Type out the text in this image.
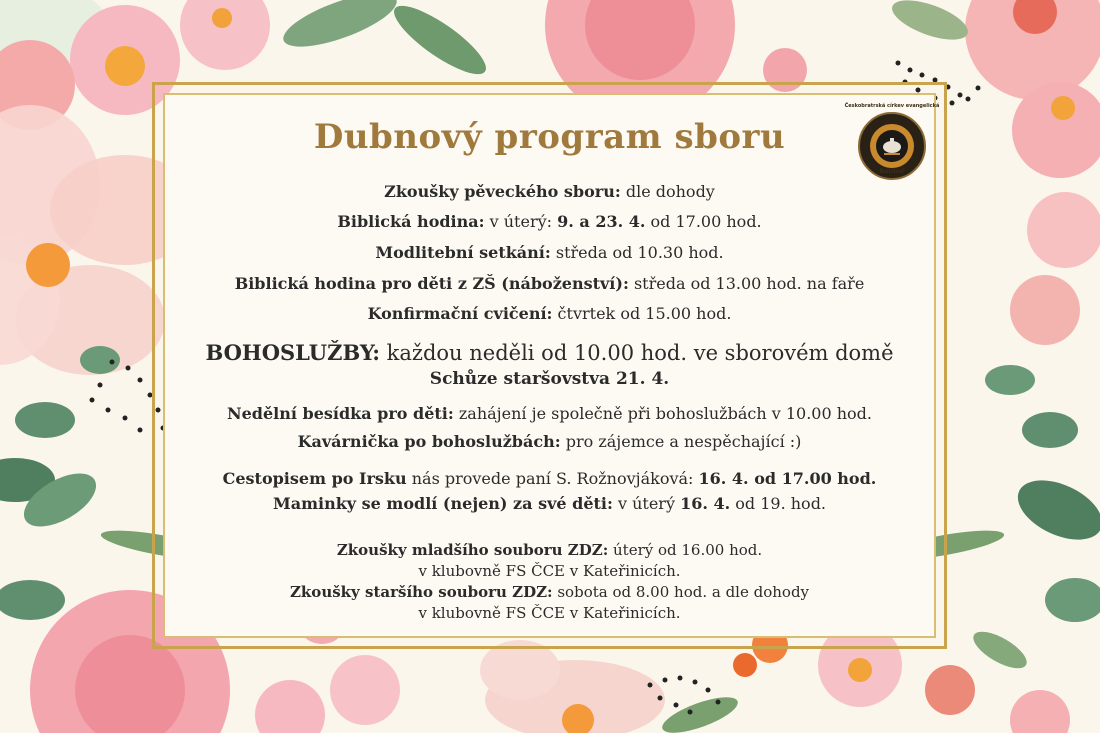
Českobratrská církev evangelická
Ratiboř
Dubnový program sboru
Zkoušky pěveckého sboru: dle dohody
Biblická hodina: v úterý: 9. a 23. 4. od 17.00 hod.
Modlitební setkání: středa od 10.30 hod.
Biblická hodina pro děti z ZŠ (náboženství): středa od 13.00 hod. na faře
Konfirmační cvičení: čtvrtek od 15.00 hod.
BOHOSLUŽBY: každou neděli od 10.00 hod. ve sborovém domě
Schůze staršovstva 21. 4.
Nedělní besídka pro děti: zahájení je společně při bohoslužbách v 10.00 hod.
Kavárnička po bohoslužbách: pro zájemce a nespěchající :)
Cestopisem po Irsku nás provede paní S. Rožnovjáková: 16. 4. od 17.00 hod.
Maminky se modlí (nejen) za své děti: v úterý 16. 4. od 19. hod.
Zkoušky mladšího souboru ZDZ: úterý od 16.00 hod.
v klubovně FS ČCE v Kateřinicích.
Zkoušky staršího souboru ZDZ: sobota od 8.00 hod. a dle dohody
v klubovně FS ČCE v Kateřinicích.
